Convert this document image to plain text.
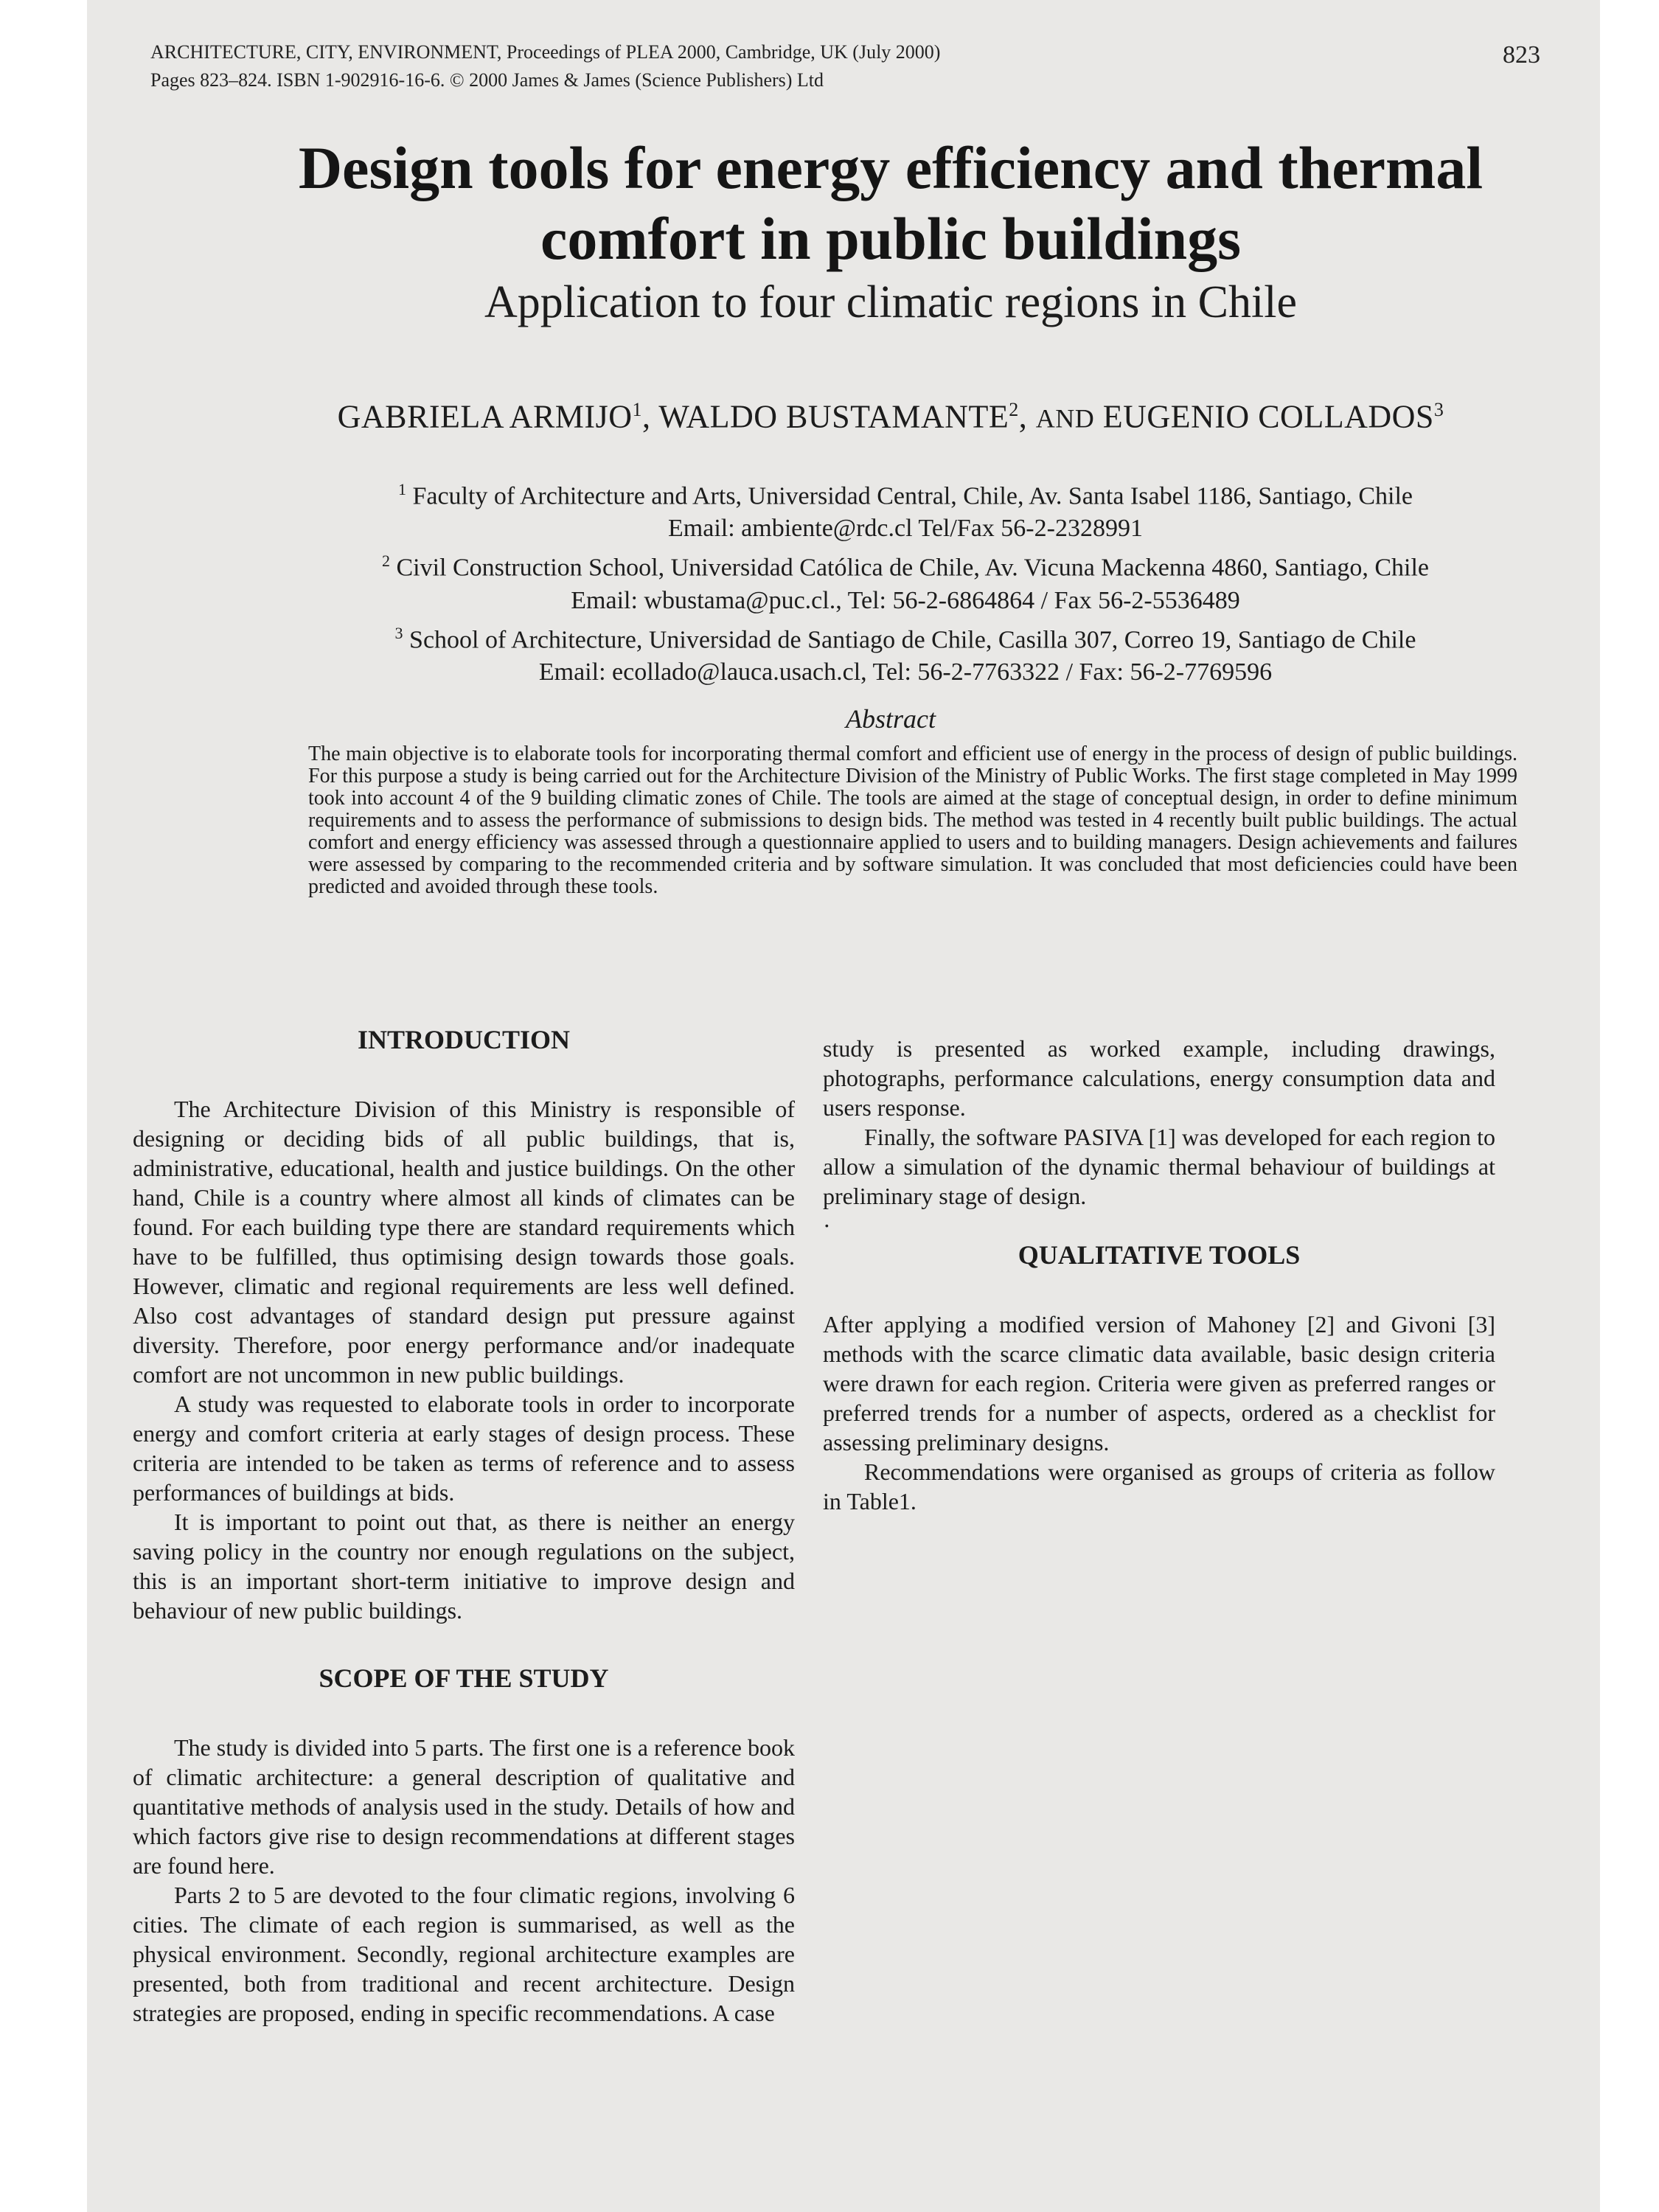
ARCHITECTURE, CITY, ENVIRONMENT, Proceedings of PLEA 2000, Cambridge, UK (July 2000)
Pages 823–824. ISBN 1-902916-16-6. © 2000 James & James (Science Publishers) Ltd
823
Design tools for energy efficiency and thermal
comfort in public buildings
Application to four climatic regions in Chile
GABRIELA ARMIJO$^1$, WALDO BUSTAMANTE$^2$, AND EUGENIO COLLADOS$^3$
$^1$ Faculty of Architecture and Arts, Universidad Central, Chile, Av. Santa Isabel 1186, Santiago, Chile
Email: ambiente@rdc.cl Tel/Fax 56-2-2328991
$^2$ Civil Construction School, Universidad Católica de Chile, Av. Vicuna Mackenna 4860, Santiago, Chile
Email: wbustama@puc.cl., Tel: 56-2-6864864 / Fax 56-2-5536489
$^3$ School of Architecture, Universidad de Santiago de Chile, Casilla 307, Correo 19, Santiago de Chile
Email: ecollado@lauca.usach.cl, Tel: 56-2-7763322 / Fax: 56-2-7769596
Abstract
The main objective is to elaborate tools for incorporating thermal comfort and efficient use of energy in the process of design of public buildings. For this purpose a study is being carried out for the Architecture Division of the Ministry of Public Works. The first stage completed in May 1999 took into account 4 of the 9 building climatic zones of Chile. The tools are aimed at the stage of conceptual design, in order to define minimum requirements and to assess the performance of submissions to design bids. The method was tested in 4 recently built public buildings. The actual comfort and energy efficiency was assessed through a questionnaire applied to users and to building managers. Design achievements and failures were assessed by comparing to the recommended criteria and by software simulation. It was concluded that most deficiencies could have been predicted and avoided through these tools.
INTRODUCTION

The Architecture Division of this Ministry is responsible of designing or deciding bids of all public buildings, that is, administrative, educational, health and justice buildings. On the other hand, Chile is a country where almost all kinds of climates can be found. For each building type there are standard requirements which have to be fulfilled, thus optimising design towards those goals. However, climatic and regional requirements are less well defined. Also cost advantages of standard design put pressure against diversity. Therefore, poor energy performance and/or inadequate comfort are not uncommon in new public buildings.

A study was requested to elaborate tools in order to incorporate energy and comfort criteria at early stages of design process. These criteria are intended to be taken as terms of reference and to assess performances of buildings at bids.

It is important to point out that, as there is neither an energy saving policy in the country nor enough regulations on the subject, this is an important short-term initiative to improve design and behaviour of new public buildings.

SCOPE OF THE STUDY

The study is divided into 5 parts. The first one is a reference book of climatic architecture: a general description of qualitative and quantitative methods of analysis used in the study. Details of how and which factors give rise to design recommendations at different stages are found here.

Parts 2 to 5 are devoted to the four climatic regions, involving 6 cities. The climate of each region is summarised, as well as the physical environment. Secondly, regional architecture examples are presented, both from traditional and recent architecture. Design strategies are proposed, ending in specific recommendations. A case

study is presented as worked example, including drawings, photographs, performance calculations, energy consumption data and users response.

Finally, the software PASIVA [1] was developed for each region to allow a simulation of the dynamic thermal behaviour of buildings at preliminary stage of design.

·
QUALITATIVE TOOLS

After applying a modified version of Mahoney [2] and Givoni [3] methods with the scarce climatic data available, basic design criteria were drawn for each region. Criteria were given as preferred ranges or preferred trends for a number of aspects, ordered as a checklist for assessing preliminary designs.

Recommendations were organised as groups of criteria as follow in Table1.
